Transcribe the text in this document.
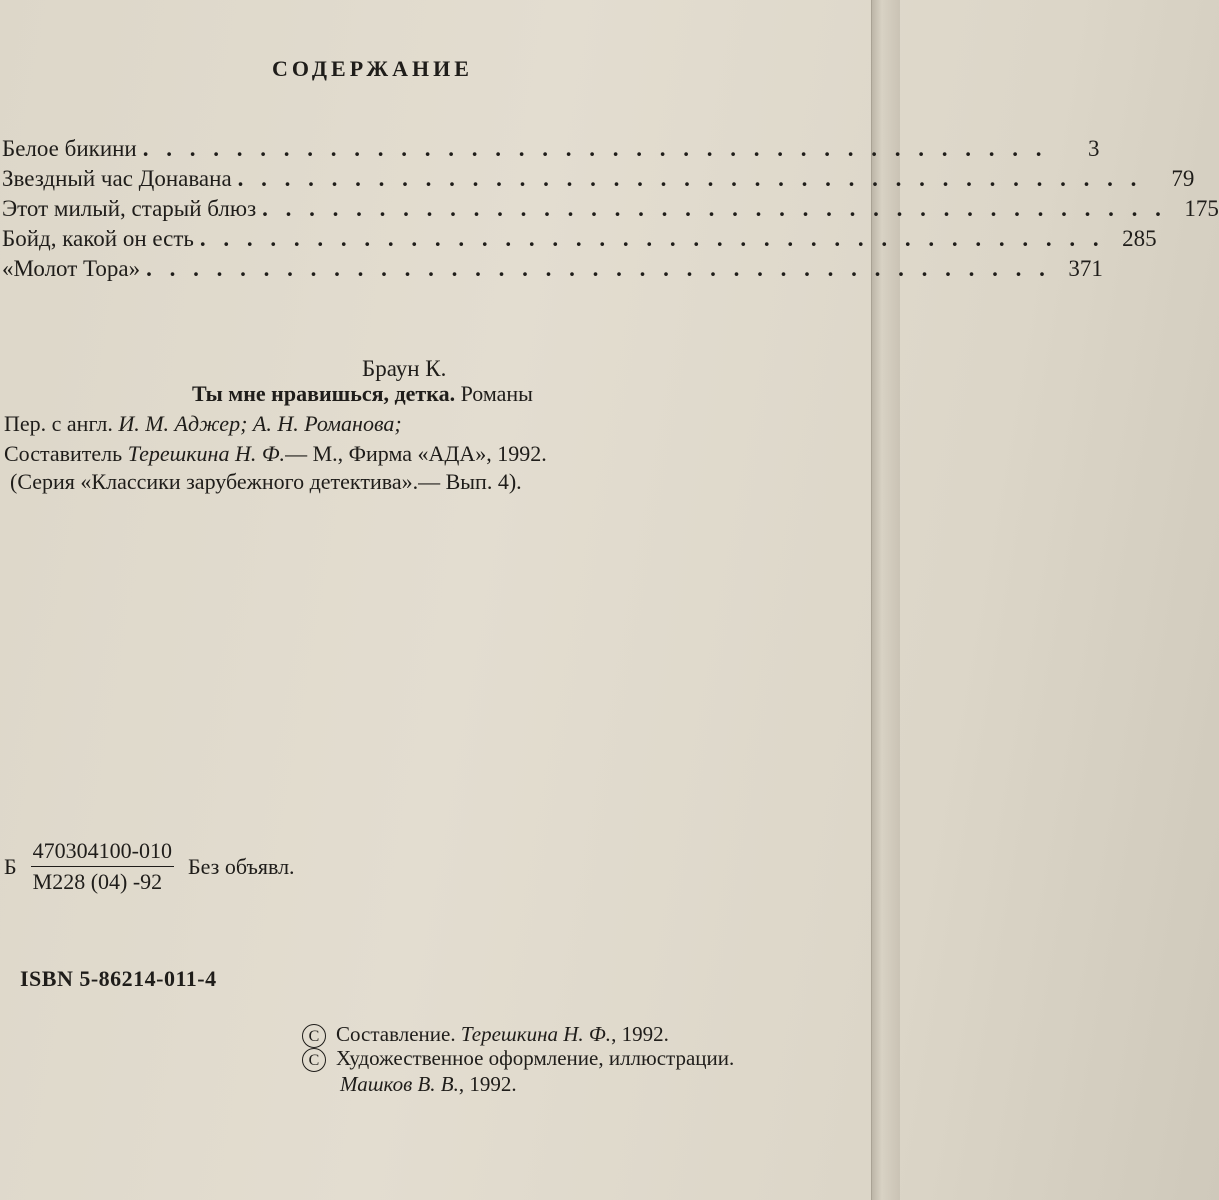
СОДЕРЖАНИЕ
Белое бикини . . . . . . . . . . . . . . . . . . . . . . . . . . . . . . . . . . . . . . .	3
Звездный час Донавана . . . . . . . . . . . . . . . . . . . . . . . . . . . . . . . . . . . . . . .	79
Этот милый, старый блюз . . . . . . . . . . . . . . . . . . . . . . . . . . . . . . . . . . . . . . . 175
Бойд, какой он есть . . . . . . . . . . . . . . . . . . . . . . . . . . . . . . . . . . . . . . . 285
«Молот Тора» . . . . . . . . . . . . . . . . . . . . . . . . . . . . . . . . . . . . . . . 371
Браун К.
Ты мне нравишься, детка. Романы
Пер. с англ. И. М. Аджер; А. Н. Романова;
Составитель Терешкина Н. Ф.— М., Фирма «АДА», 1992.
(Серия «Классики зарубежного детектива».— Вып. 4).
Б $\frac{470304100-010}{М228 (04) -92}$ Без объявл.
ISBN 5-86214-011-4
C Составление. Терешкина Н. Ф., 1992.
C Художественное оформление, иллюстрации.
Машков В. В., 1992.
